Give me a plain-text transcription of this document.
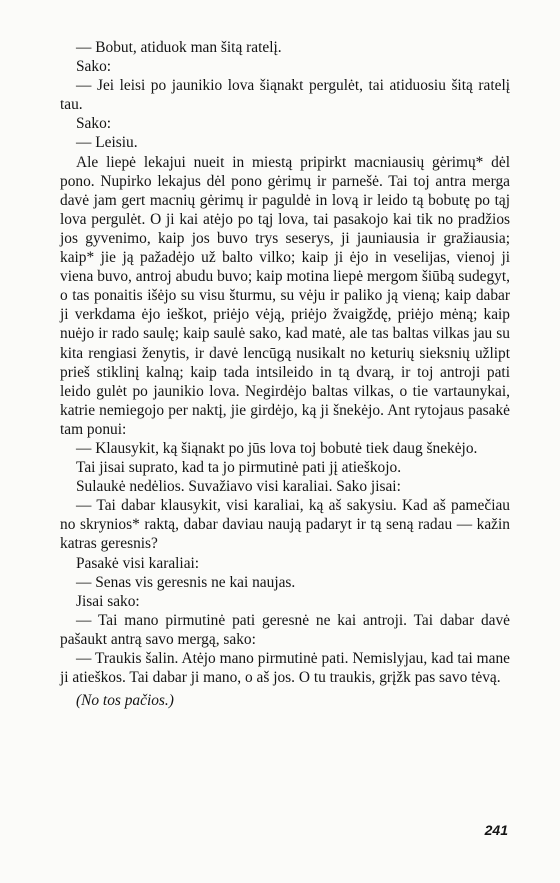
— Bobut, atiduok man šitą ratelį.

Sako:

— Jei leisi po jaunikio lova šiąnakt pergulėt, tai atiduosiu šitą ratelį tau.

Sako:

— Leisiu.

Ale liepė lekajui nueit in miestą pripirkt macniausių gėrimų* dėl pono. Nupirko lekajus dėl pono gėrimų ir parnešė. Tai toj antra merga davė jam gert macnių gėrimų ir paguldė in lovą ir leido tą bobutę po tąj lova pergulėt. O ji kai atėjo po tąj lova, tai pasakojo kai tik no pradžios jos gyvenimo, kaip jos buvo trys seserys, ji jauniausia ir gražiausia; kaip* jie ją pažadėjo už balto vilko; kaip ji ėjo in veselijas, vienoj ji viena buvo, antroj abudu buvo; kaip motina liepė mergom šiūbą sudegyt, o tas ponaitis išėjo su visu šturmu, su vėju ir paliko ją vieną; kaip dabar ji verkdama ėjo ieškot, priėjo vėją, priėjo žvaigždę, priėjo mėną; kaip nuėjo ir rado saulę; kaip saulė sako, kad matė, ale tas baltas vilkas jau su kita rengiasi ženytis, ir davė lencūgą nusikalt no keturių sieksnių užlipt prieš stiklinį kalną; kaip tada intsileido in tą dvarą, ir toj antroji pati leido gulėt po jaunikio lova. Negirdėjo baltas vilkas, o tie vartaunykai, katrie nemiegojo per naktį, jie girdėjo, ką ji šnekėjo. Ant rytojaus pasakė tam ponui:

— Klausykit, ką šiąnakt po jūs lova toj bobutė tiek daug šnekėjo.

Tai jisai suprato, kad ta jo pirmutinė pati jį atieškojo.

Sulaukė nedėlios. Suvažiavo visi karaliai. Sako jisai:

— Tai dabar klausykit, visi karaliai, ką aš sakysiu. Kad aš pamečiau no skrynios* raktą, dabar daviau naują padaryt ir tą seną radau — kažin katras geresnis?

Pasakė visi karaliai:

— Senas vis geresnis ne kai naujas.

Jisai sako:

— Tai mano pirmutinė pati geresnė ne kai antroji. Tai dabar davė pašaukt antrą savo mergą, sako:

— Traukis šalin. Atėjo mano pirmutinė pati. Nemislyjau, kad tai mane ji atieškos. Tai dabar ji mano, o aš jos. O tu traukis, grįžk pas savo tėvą.

(No tos pačios.)

241
